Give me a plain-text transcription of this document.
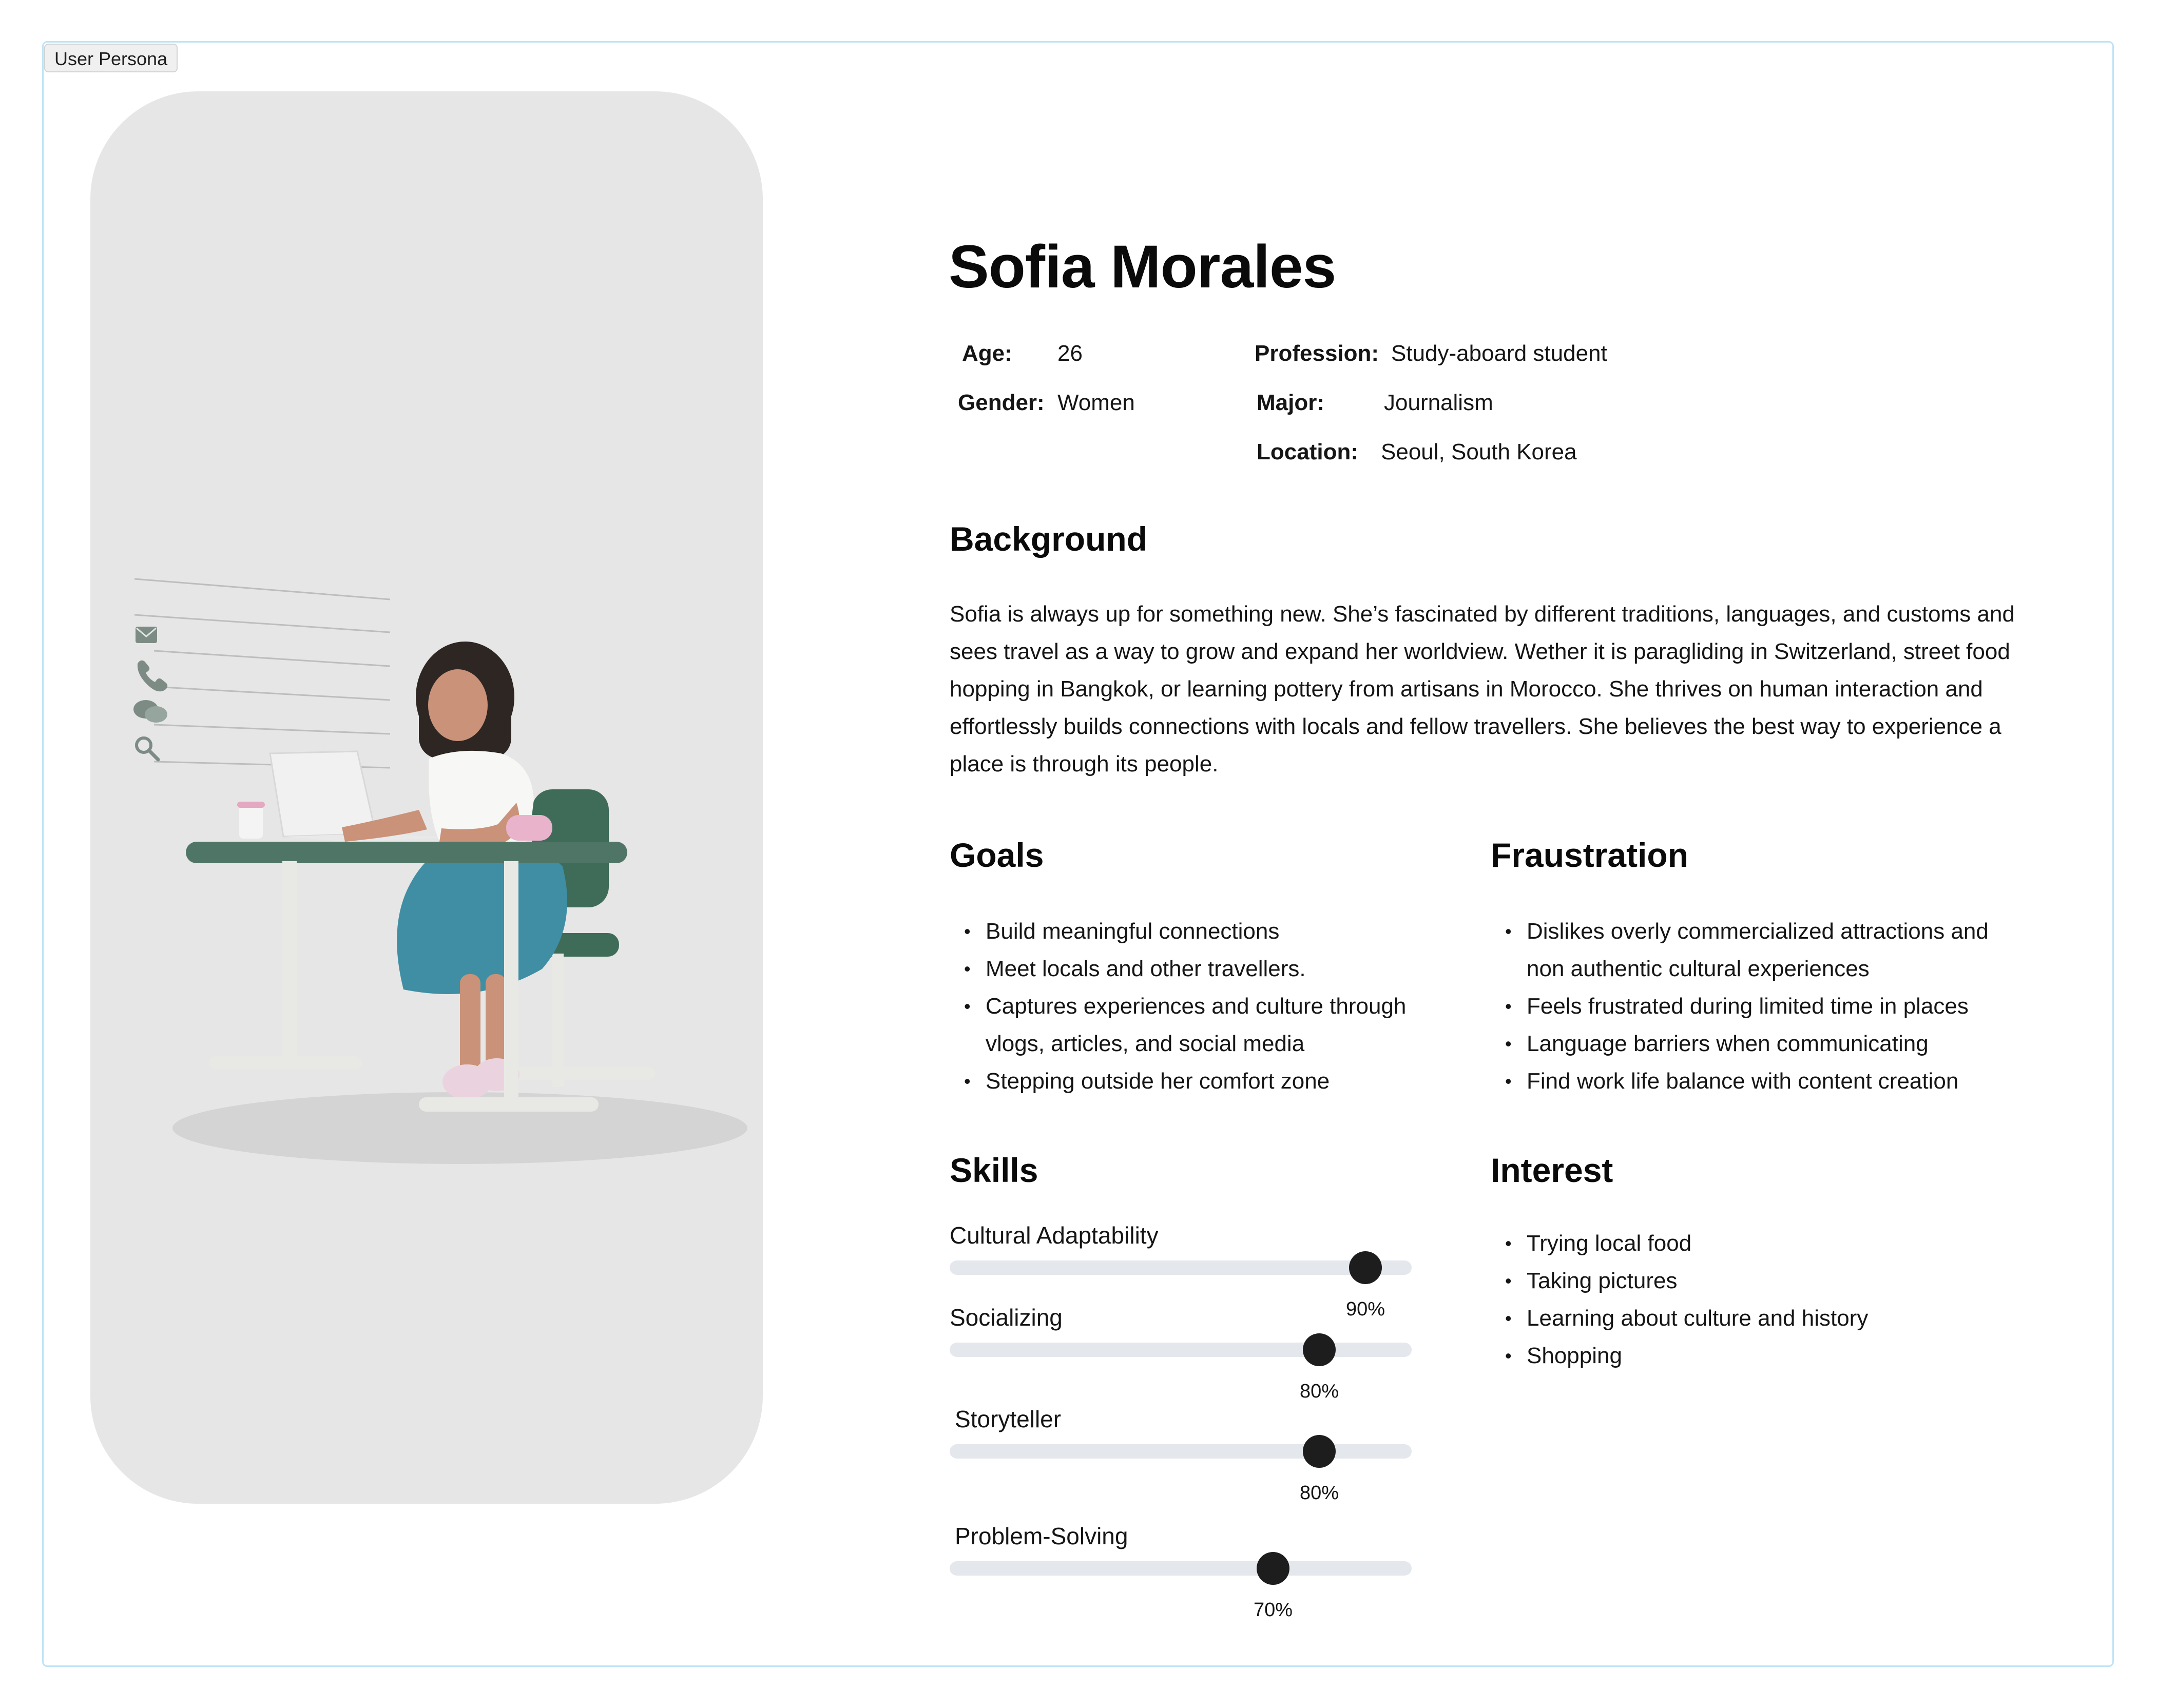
User Persona
Sofia Morales
Age: 26
Gender: Women
Profession: Study-aboard student
Major:	Journalism
Location: Seoul, South Korea
Background
Sofia is always up for something new. She’s fascinated by different traditions, languages, and customs and sees travel as a way to grow and expand her worldview. Wether it is paragliding in Switzerland, street food hopping in Bangkok, or learning pottery from artisans in Morocco. She thrives on human interaction and effortlessly builds connections with locals and fellow travellers. She believes the best way to experience a place is through its people.
Goals
• Build meaningful connections
• Meet locals and other travellers.
• Captures experiences and culture through vlogs, articles, and social media
• Stepping outside her comfort zone
Fraustration
• Dislikes overly commercialized attractions and non authentic cultural experiences
• Feels frustrated during limited time in places
• Language barriers when communicating
• Find work life balance with content creation
Skills
Cultural Adaptability
90%
Socializing
80%
Storyteller
80%
Problem-Solving
70%
Interest
• Trying local food
• Taking pictures
• Learning about culture and history
• Shopping
